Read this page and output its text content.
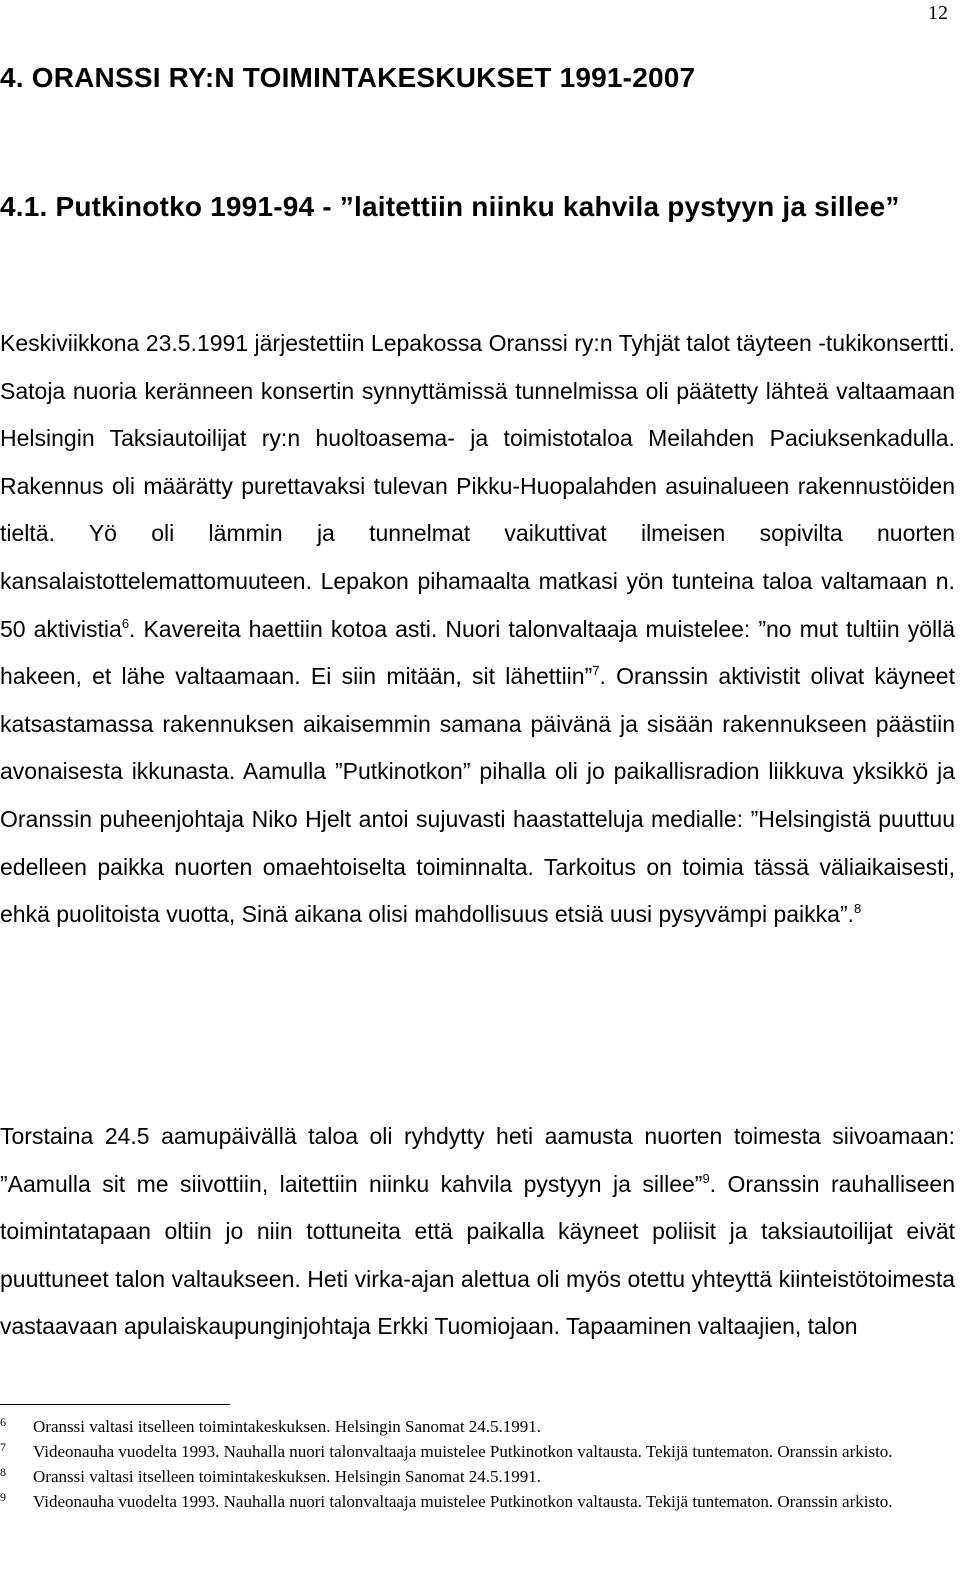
12
4. ORANSSI RY:N TOIMINTAKESKUKSET 1991-2007
4.1. Putkinotko 1991-94 - ”laitettiin niinku kahvila pystyyn ja sillee”

Keskiviikkona 23.5.1991 järjestettiin Lepakossa Oranssi ry:n Tyhjät talot täyteen -tukikonsertti. Satoja nuoria keränneen konsertin synnyttämissä tunnelmissa oli päätetty lähteä valtaamaan Helsingin Taksiautoilijat ry:n huoltoasema- ja toimistotaloa Meilahden Paciuksenkadulla. Rakennus oli määrätty purettavaksi tulevan Pikku-Huopalahden asuinalueen rakennustöiden tieltä. Yö oli lämmin ja tunnelmat vaikuttivat ilmeisen sopivilta nuorten kansalaistottelemattomuuteen. Lepakon pihamaalta matkasi yön tunteina taloa valtamaan n. 50 aktivistia$^6$. Kavereita haettiin kotoa asti. Nuori talonvaltaaja muistelee: ”no mut tultiin yöllä hakeen, et lähe valtaamaan. Ei siin mitään, sit lähettiin”$^7$. Oranssin aktivistit olivat käyneet katsastamassa rakennuksen aikaisemmin samana päivänä ja sisään rakennukseen päästiin avonaisesta ikkunasta. Aamulla ”Putkinotkon” pihalla oli jo paikallisradion liikkuva yksikkö ja Oranssin puheenjohtaja Niko Hjelt antoi sujuvasti haastatteluja medialle: ”Helsingistä puuttuu edelleen paikka nuorten omaehtoiselta toiminnalta. Tarkoitus on toimia tässä väliaikaisesti, ehkä puolitoista vuotta, Sinä aikana olisi mahdollisuus etsiä uusi pysyvämpi paikka”.$^8$

Torstaina 24.5 aamupäivällä taloa oli ryhdytty heti aamusta nuorten toimesta siivoamaan: ”Aamulla sit me siivottiin, laitettiin niinku kahvila pystyyn ja sillee”$^9$. Oranssin rauhalliseen toimintatapaan oltiin jo niin tottuneita että paikalla käyneet poliisit ja taksiautoilijat eivät puuttuneet talon valtaukseen. Heti virka-ajan alettua oli myös otettu yhteyttä kiinteistötoimesta vastaavaan apulaiskaupunginjohtaja Erkki Tuomiojaan. Tapaaminen valtaajien, talon

6 Oranssi valtasi itselleen toimintakeskuksen. Helsingin Sanomat 24.5.1991.
7 Videonauha vuodelta 1993. Nauhalla nuori talonvaltaaja muistelee Putkinotkon valtausta. Tekijä tuntematon. Oranssin arkisto.
8 Oranssi valtasi itselleen toimintakeskuksen. Helsingin Sanomat 24.5.1991.
9 Videonauha vuodelta 1993. Nauhalla nuori talonvaltaaja muistelee Putkinotkon valtausta. Tekijä tuntematon. Oranssin arkisto.
